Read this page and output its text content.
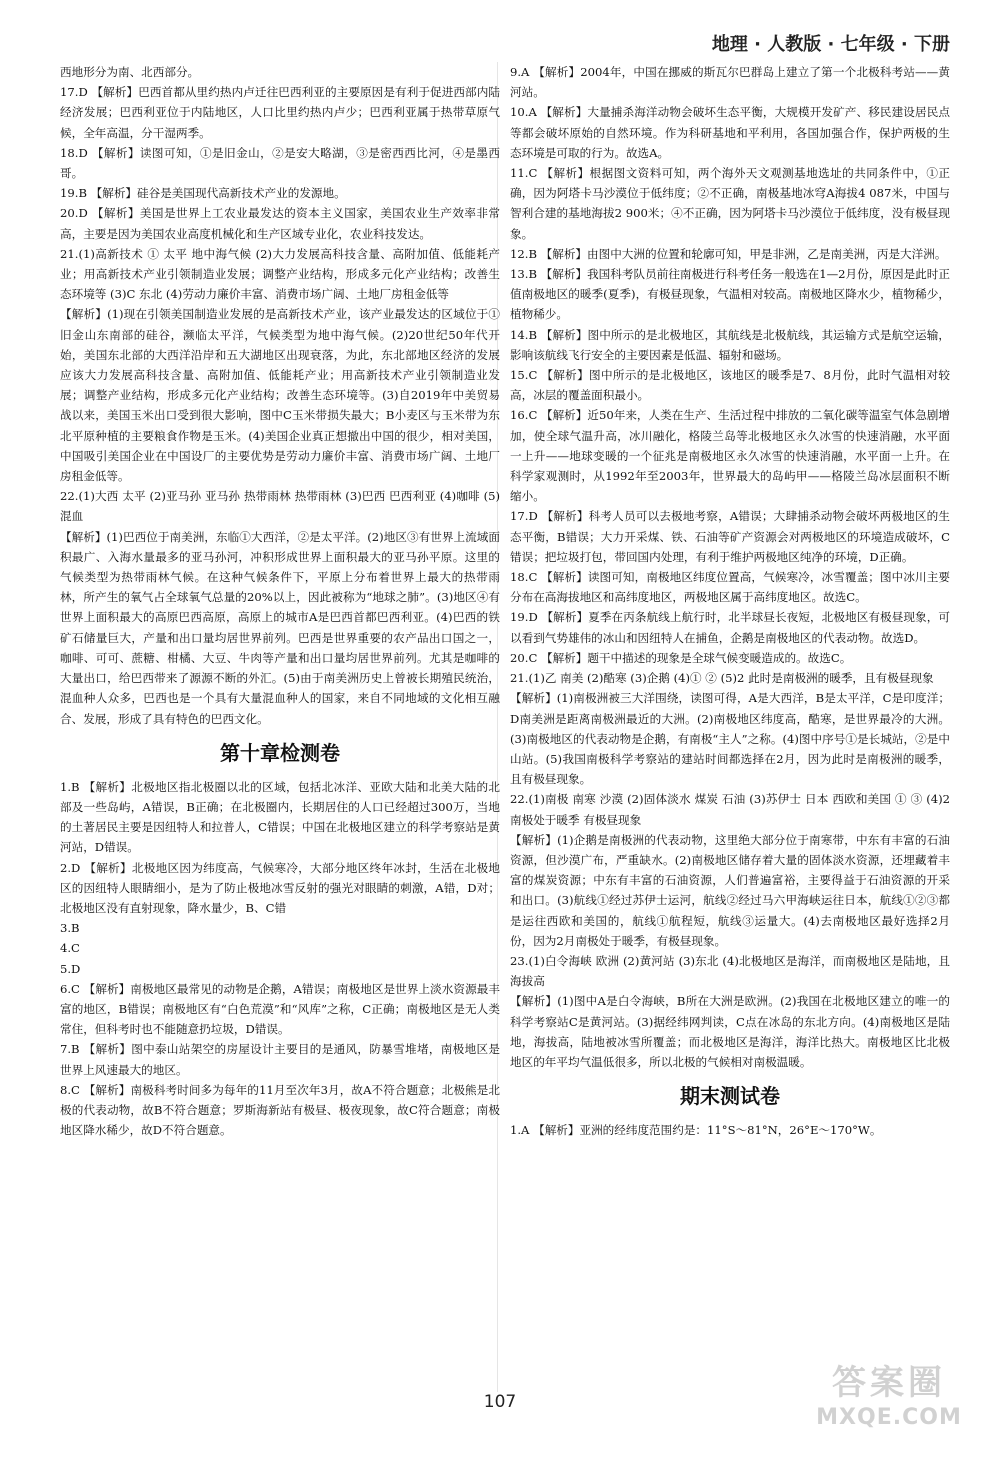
地理 · 人教版 · 七年级 · 下册

西地形分为南、北西部分。

17.D 【解析】巴西首都从里约热内卢迁往巴西利亚的主要原因是有利于促进西部内陆经济发展；巴西利亚位于内陆地区，人口比里约热内卢少；巴西利亚属于热带草原气候，全年高温，分干湿两季。

18.D 【解析】读图可知，①是旧金山，②是安大略湖，③是密西西比河，④是墨西哥。

19.B 【解析】硅谷是美国现代高新技术产业的发源地。

20.D 【解析】美国是世界上工农业最发达的资本主义国家，美国农业生产效率非常高，主要是因为美国农业高度机械化和生产区域专业化，农业科技发达。

21.(1)高新技术 ① 太平 地中海气候 (2)大力发展高科技含量、高附加值、低能耗产业；用高新技术产业引领制造业发展；调整产业结构，形成多元化产业结构；改善生态环境等 (3)C 东北 (4)劳动力廉价丰富、消费市场广阔、土地厂房租金低等

【解析】(1)现在引领美国制造业发展的是高新技术产业，该产业最发达的区域位于①旧金山东南部的硅谷，濒临太平洋，气候类型为地中海气候。(2)20世纪50年代开始，美国东北部的大西洋沿岸和五大湖地区出现衰落，为此，东北部地区经济的发展应该大力发展高科技含量、高附加值、低能耗产业；用高新技术产业引领制造业发展；调整产业结构，形成多元化产业结构；改善生态环境等。(3)自2019年中美贸易战以来，美国玉米出口受到很大影响，图中C玉米带损失最大；B小麦区与玉米带为东北平原种植的主要粮食作物是玉米。(4)美国企业真正想撤出中国的很少，相对美国，中国吸引美国企业在中国设厂的主要优势是劳动力廉价丰富、消费市场广阔、土地厂房租金低等。

22.(1)大西 太平 (2)亚马孙 亚马孙 热带雨林 热带雨林 (3)巴西 巴西利亚 (4)咖啡 (5)混血

【解析】(1)巴西位于南美洲，东临①大西洋，②是太平洋。(2)地区③有世界上流域面积最广、入海水量最多的亚马孙河，冲积形成世界上面积最大的亚马孙平原。这里的气候类型为热带雨林气候。在这种气候条件下，平原上分布着世界上最大的热带雨林，所产生的氧气占全球氧气总量的20%以上，因此被称为“地球之肺”。(3)地区④有世界上面积最大的高原巴西高原，高原上的城市A是巴西首都巴西利亚。(4)巴西的铁矿石储量巨大，产量和出口量均居世界前列。巴西是世界重要的农产品出口国之一，咖啡、可可、蔗糖、柑橘、大豆、牛肉等产量和出口量均居世界前列。尤其是咖啡的大量出口，给巴西带来了源源不断的外汇。(5)由于南美洲历史上曾被长期殖民统治，混血种人众多，巴西也是一个具有大量混血种人的国家，来自不同地域的文化相互融合、发展，形成了具有特色的巴西文化。

第十章检测卷

1.B 【解析】北极地区指北极圈以北的区域，包括北冰洋、亚欧大陆和北美大陆的北部及一些岛屿，A错误，B正确；在北极圈内，长期居住的人口已经超过300万，当地的土著居民主要是因纽特人和拉普人，C错误；中国在北极地区建立的科学考察站是黄河站，D错误。

2.D 【解析】北极地区因为纬度高，气候寒冷，大部分地区终年冰封，生活在北极地区的因纽特人眼睛细小，是为了防止极地冰雪反射的强光对眼睛的刺激，A错，D对；北极地区没有直射现象，降水量少，B、C错

3.B

4.C

5.D

6.C 【解析】南极地区最常见的动物是企鹅，A错误；南极地区是世界上淡水资源最丰富的地区，B错误；南极地区有“白色荒漠”和“风库”之称，C正确；南极地区是无人类常住，但科考时也不能随意扔垃圾，D错误。

7.B 【解析】图中泰山站架空的房屋设计主要目的是通风，防暴雪堆堵，南极地区是世界上风速最大的地区。

8.C 【解析】南极科考时间多为每年的11月至次年3月，故A不符合题意；北极熊是北极的代表动物，故B不符合题意；罗斯海新站有极昼、极夜现象，故C符合题意；南极地区降水稀少，故D不符合题意。

9.A 【解析】2004年，中国在挪威的斯瓦尔巴群岛上建立了第一个北极科考站——黄河站。

10.A 【解析】大量捕杀海洋动物会破坏生态平衡，大规模开发矿产、移民建设居民点等都会破坏原始的自然环境。作为科研基地和平利用，各国加强合作，保护两极的生态环境是可取的行为。故选A。

11.C 【解析】根据图文资料可知，两个海外天文观测基地选址的共同条件中，①正确，因为阿塔卡马沙漠位于低纬度；②不正确，南极基地冰穹A海拔4 087米，中国与智利合建的基地海拔2 900米；④不正确，因为阿塔卡马沙漠位于低纬度，没有极昼现象。

12.B 【解析】由图中大洲的位置和轮廓可知，甲是非洲，乙是南美洲，丙是大洋洲。

13.B 【解析】我国科考队员前往南极进行科考任务一般选在1—2月份，原因是此时正值南极地区的暖季(夏季)，有极昼现象，气温相对较高。南极地区降水少，植物稀少，植物稀少。

14.B 【解析】图中所示的是北极地区，其航线是北极航线，其运输方式是航空运输，影响该航线飞行安全的主要因素是低温、辐射和磁场。

15.C 【解析】图中所示的是北极地区，该地区的暖季是7、8月份，此时气温相对较高，冰层的覆盖面积最小。

16.C 【解析】近50年来，人类在生产、生活过程中排放的二氧化碳等温室气体急剧增加，使全球气温升高，冰川融化，格陵兰岛等北极地区永久冰雪的快速消融，水平面一上升——地球变暖的一个征兆是南极地区永久冰雪的快速消融，水平面一上升。在科学家观测时，从1992年至2003年，世界最大的岛屿甲——格陵兰岛冰层面积不断缩小。

17.D 【解析】科考人员可以去极地考察，A错误；大肆捕杀动物会破坏两极地区的生态平衡，B错误；大力开采煤、铁、石油等矿产资源会对两极地区的环境造成破坏，C错误；把垃圾打包，带回国内处理，有利于维护两极地区纯净的环境，D正确。

18.C 【解析】读图可知，南极地区纬度位置高，气候寒冷，冰雪覆盖；图中冰川主要分布在高海拔地区和高纬度地区，两极地区属于高纬度地区。故选C。

19.D 【解析】夏季在丙条航线上航行时，北半球昼长夜短，北极地区有极昼现象，可以看到气势雄伟的冰山和因纽特人在捕鱼，企鹅是南极地区的代表动物。故选D。

20.C 【解析】题干中描述的现象是全球气候变暖造成的。故选C。

21.(1)乙 南美 (2)酷寒 (3)企鹅 (4)① ② (5)2 此时是南极洲的暖季，且有极昼现象

【解析】(1)南极洲被三大洋围绕，读图可得，A是大西洋，B是太平洋，C是印度洋；D南美洲是距离南极洲最近的大洲。(2)南极地区纬度高，酷寒，是世界最冷的大洲。(3)南极地区的代表动物是企鹅，有南极“主人”之称。(4)图中序号①是长城站，②是中山站。(5)我国南极科学考察站的建站时间都选择在2月，因为此时是南极洲的暖季，且有极昼现象。

22.(1)南极 南寒 沙漠 (2)固体淡水 煤炭 石油 (3)苏伊士 日本 西欧和美国 ① ③ (4)2 南极处于暖季 有极昼现象

【解析】(1)企鹅是南极洲的代表动物，这里绝大部分位于南寒带，中东有丰富的石油资源，但沙漠广布，严重缺水。(2)南极地区储存着大量的固体淡水资源，还埋藏着丰富的煤炭资源；中东有丰富的石油资源，人们普遍富裕，主要得益于石油资源的开采和出口。(3)航线①经过苏伊士运河，航线②经过马六甲海峡运往日本，航线①②③都是运往西欧和美国的，航线①航程短，航线③运量大。(4)去南极地区最好选择2月份，因为2月南极处于暖季，有极昼现象。

23.(1)白令海峡 欧洲 (2)黄河站 (3)东北 (4)北极地区是海洋，而南极地区是陆地，且海拔高

【解析】(1)图中A是白令海峡，B所在大洲是欧洲。(2)我国在北极地区建立的唯一的科学考察站C是黄河站。(3)据经纬网判读，C点在冰岛的东北方向。(4)南极地区是陆地，海拔高，陆地被冰雪所覆盖；而北极地区是海洋，海洋比热大。南极地区比北极地区的年平均气温低很多，所以北极的气候相对南极温暖。

期末测试卷

1.A 【解析】亚洲的经纬度范围约是：11°S～81°N，26°E～170°W。

107	答案圈
MXQE.COM
